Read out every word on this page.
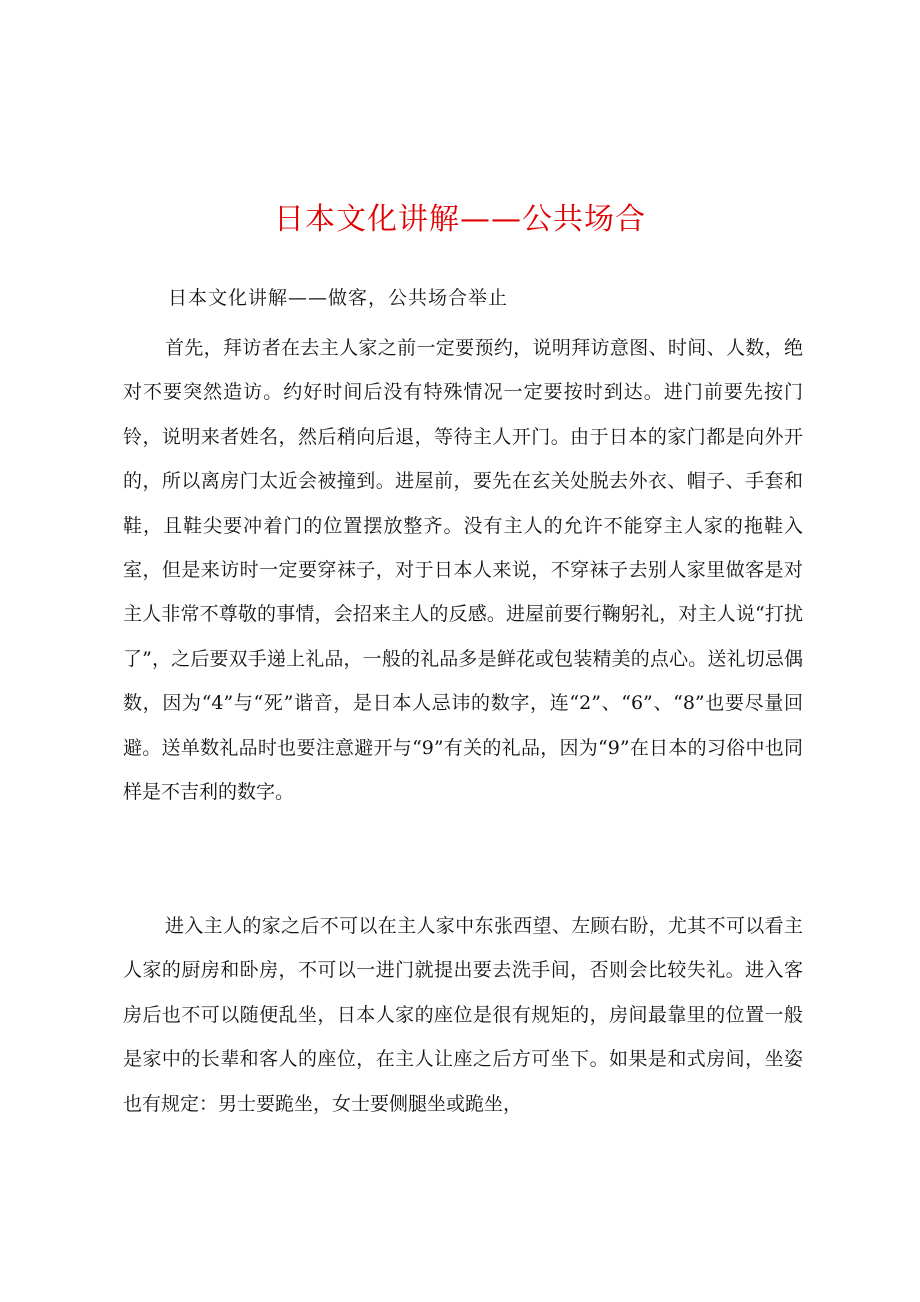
日本文化讲解——公共场合

日本文化讲解——做客，公共场合举止

首先，拜访者在去主人家之前一定要预约，说明拜访意图、时间、人数，绝对不要突然造访。约好时间后没有特殊情况一定要按时到达。进门前要先按门铃，说明来者姓名，然后稍向后退，等待主人开门。由于日本的家门都是向外开的，所以离房门太近会被撞到。进屋前，要先在玄关处脱去外衣、帽子、手套和鞋，且鞋尖要冲着门的位置摆放整齐。没有主人的允许不能穿主人家的拖鞋入室，但是来访时一定要穿袜子，对于日本人来说，不穿袜子去别人家里做客是对主人非常不尊敬的事情，会招来主人的反感。进屋前要行鞠躬礼，对主人说“打扰了”，之后要双手递上礼品，一般的礼品多是鲜花或包装精美的点心。送礼切忌偶数，因为“4”与“死”谐音，是日本人忌讳的数字，连“2”、“6”、“8”也要尽量回避。送单数礼品时也要注意避开与“9”有关的礼品，因为“9”在日本的习俗中也同样是不吉利的数字。

进入主人的家之后不可以在主人家中东张西望、左顾右盼，尤其不可以看主人家的厨房和卧房，不可以一进门就提出要去洗手间，否则会比较失礼。进入客房后也不可以随便乱坐，日本人家的座位是很有规矩的，房间最靠里的位置一般是家中的长辈和客人的座位，在主人让座之后方可坐下。如果是和式房间，坐姿也有规定：男士要跪坐，女士要侧腿坐或跪坐，
